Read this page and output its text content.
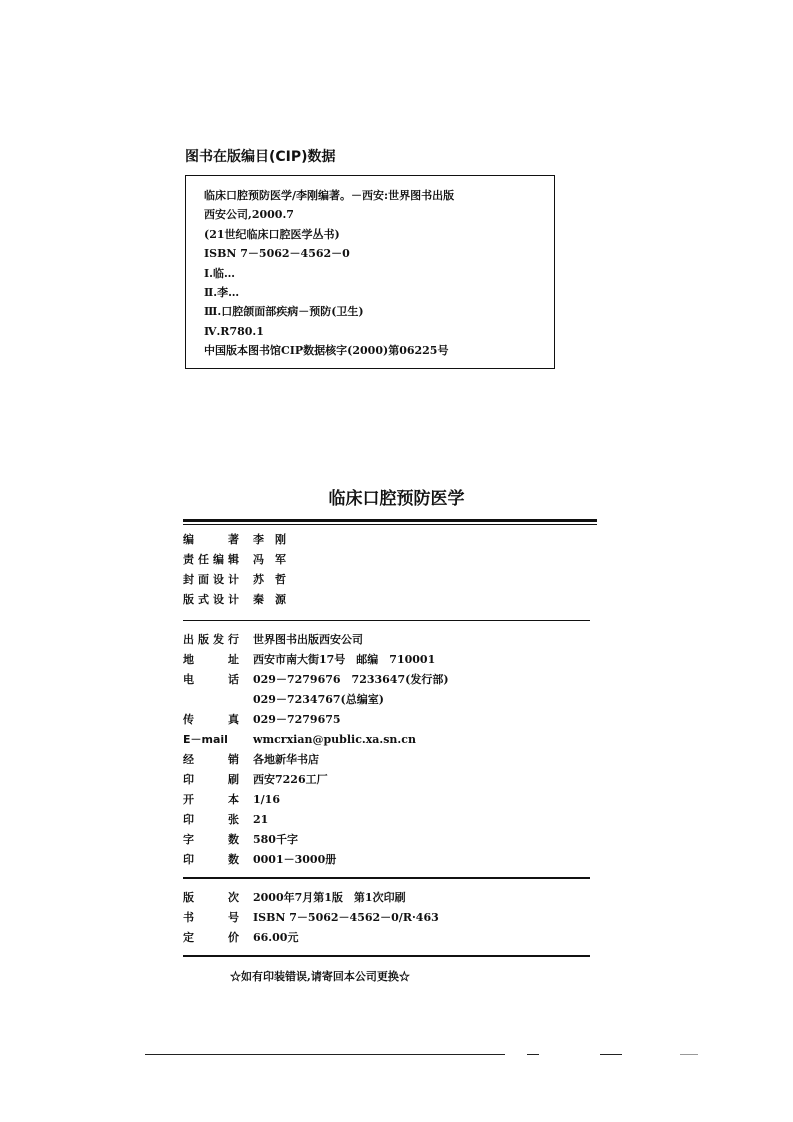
图书在版编目(CIP)数据
临床口腔预防医学/李刚编著。－西安:世界图书出版
西安公司,2000.7
(21世纪临床口腔医学丛书)
ISBN 7－5062－4562－0
Ⅰ.临…
Ⅱ.李…
Ⅲ.口腔颌面部疾病－预防(卫生)
Ⅳ.R780.1
中国版本图书馆CIP数据核字(2000)第06225号
临床口腔预防医学
编著 李　刚
责任编辑 冯　军
封面设计 苏　哲
版式设计 秦　源
出版发行 世界图书出版西安公司
地址 西安市南大街17号　邮编　710001
电话 029－7279676　7233647(发行部)
029－7234767(总编室)
传真 029－7279675
E－mail wmcrxian@public.xa.sn.cn
经销 各地新华书店
印刷 西安7226工厂
开本 1/16
印张 21
字数 580千字
印数 0001－3000册
版次 2000年7月第1版　第1次印刷
书号 ISBN 7－5062－4562－0/R·463
定价 66.00元
☆如有印装错误,请寄回本公司更换☆
